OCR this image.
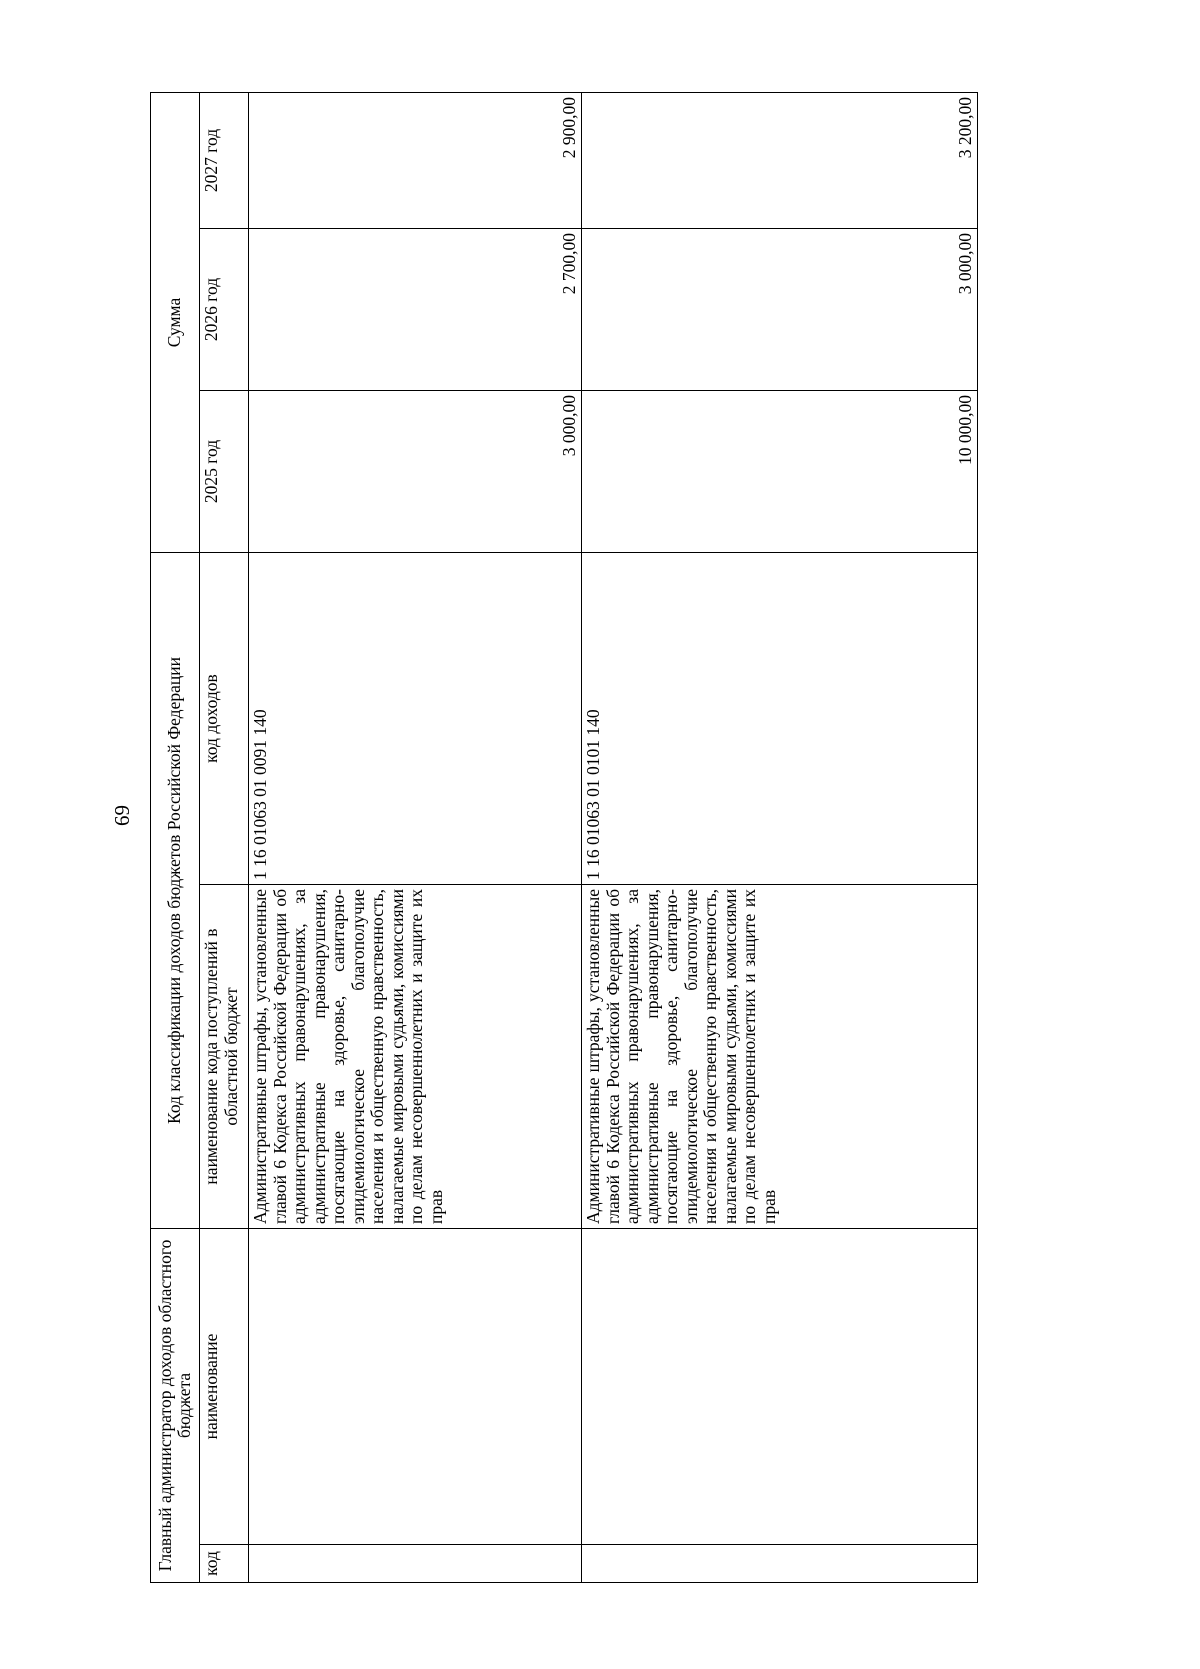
69
Главный администратор доходов областного бюджета		Код классификации доходов бюджетов Российской Федерации		Сумма		
код	наименование	наименование кода поступлений в областной бюджет	код доходов	2025 год	2026 год	2027 год
		Административные штрафы, установленные главой 6 Кодекса Российской Федерации об административных правонарушениях, за административные правонарушения, посягающие на здоровье, санитарно-эпидемиологическое благополучие населения и общественную нравственность, налагаемые мировыми судьями, комиссиями по делам несовершеннолетних и защите их прав	1 16 01063 01 0091 140	3 000,00	2 700,00	2 900,00
		Административные штрафы, установленные главой 6 Кодекса Российской Федерации об административных правонарушениях, за административные правонарушения, посягающие на здоровье, санитарно-эпидемиологическое благополучие населения и общественную нравственность, налагаемые мировыми судьями, комиссиями по делам несовершеннолетних и защите их прав	1 16 01063 01 0101 140	10 000,00	3 000,00	3 200,00
